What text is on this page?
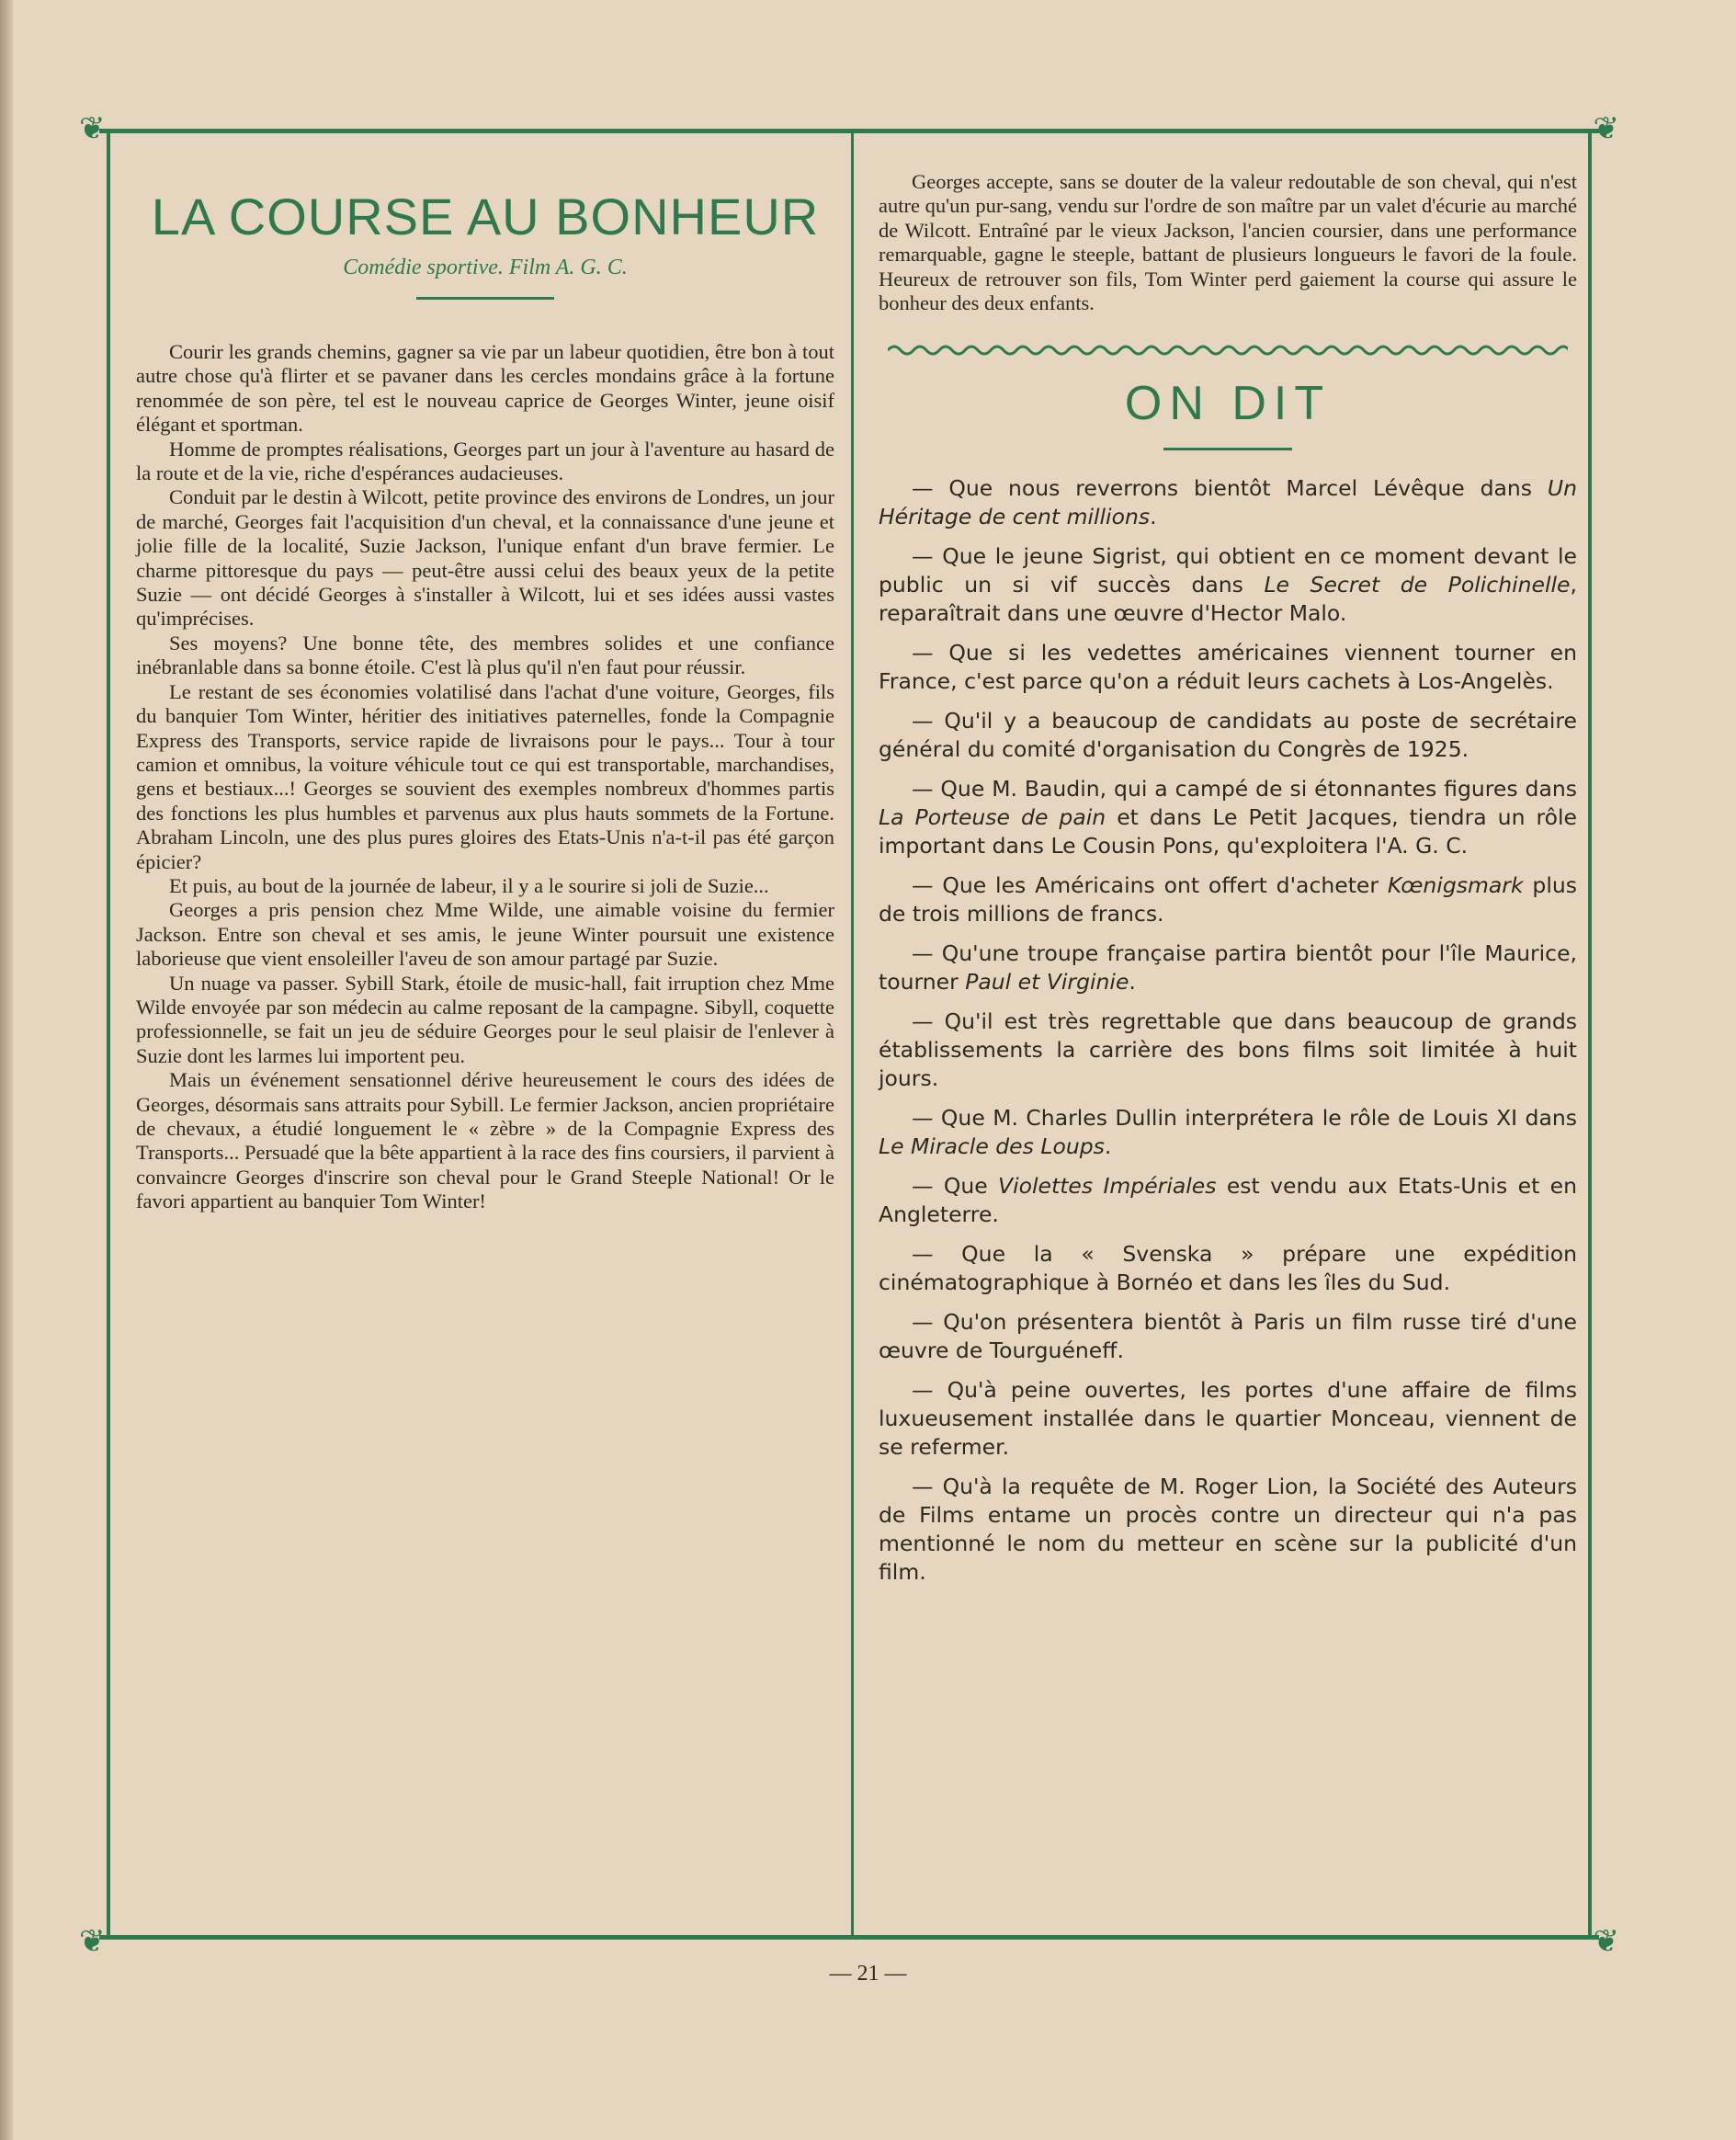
❦	❦
❦	❦
LA COURSE AU BONHEUR
Comédie sportive. Film A. G. C.

Courir les grands chemins, gagner sa vie par un labeur quotidien, être bon à tout autre chose qu'à flirter et se pavaner dans les cercles mondains grâce à la fortune renommée de son père, tel est le nouveau caprice de Georges Winter, jeune oisif élégant et sportman.

Homme de promptes réalisations, Georges part un jour à l'aventure au hasard de la route et de la vie, riche d'espérances audacieuses.

Conduit par le destin à Wilcott, petite province des environs de Londres, un jour de marché, Georges fait l'acquisition d'un cheval, et la connaissance d'une jeune et jolie fille de la localité, Suzie Jackson, l'unique enfant d'un brave fermier. Le charme pittoresque du pays — peut-être aussi celui des beaux yeux de la petite Suzie — ont décidé Georges à s'installer à Wilcott, lui et ses idées aussi vastes qu'imprécises.

Ses moyens? Une bonne tête, des membres solides et une confiance inébranlable dans sa bonne étoile. C'est là plus qu'il n'en faut pour réussir.

Le restant de ses économies volatilisé dans l'achat d'une voiture, Georges, fils du banquier Tom Winter, héritier des initiatives paternelles, fonde la Compagnie Express des Transports, service rapide de livraisons pour le pays... Tour à tour camion et omnibus, la voiture véhicule tout ce qui est transportable, marchandises, gens et bestiaux...! Georges se souvient des exemples nombreux d'hommes partis des fonctions les plus humbles et parvenus aux plus hauts sommets de la Fortune. Abraham Lincoln, une des plus pures gloires des Etats-Unis n'a-t-il pas été garçon épicier?

Et puis, au bout de la journée de labeur, il y a le sourire si joli de Suzie...

Georges a pris pension chez Mme Wilde, une aimable voisine du fermier Jackson. Entre son cheval et ses amis, le jeune Winter poursuit une existence laborieuse que vient ensoleiller l'aveu de son amour partagé par Suzie.

Un nuage va passer. Sybill Stark, étoile de music-hall, fait irruption chez Mme Wilde envoyée par son médecin au calme reposant de la campagne. Sibyll, coquette professionnelle, se fait un jeu de séduire Georges pour le seul plaisir de l'enlever à Suzie dont les larmes lui importent peu.

Mais un événement sensationnel dérive heureusement le cours des idées de Georges, désormais sans attraits pour Sybill. Le fermier Jackson, ancien propriétaire de chevaux, a étudié longuement le « zèbre » de la Compagnie Express des Transports... Persuadé que la bête appartient à la race des fins coursiers, il parvient à convaincre Georges d'inscrire son cheval pour le Grand Steeple National! Or le favori appartient au banquier Tom Winter!

Georges accepte, sans se douter de la valeur redoutable de son cheval, qui n'est autre qu'un pur-sang, vendu sur l'ordre de son maître par un valet d'écurie au marché de Wilcott. Entraîné par le vieux Jackson, l'ancien coursier, dans une performance remarquable, gagne le steeple, battant de plusieurs longueurs le favori de la foule. Heureux de retrouver son fils, Tom Winter perd gaiement la course qui assure le bonheur des deux enfants.

ON DIT

— Que nous reverrons bientôt Marcel Lévêque dans Un Héritage de cent millions.

— Que le jeune Sigrist, qui obtient en ce moment devant le public un si vif succès dans Le Secret de Polichinelle, reparaîtrait dans une œuvre d'Hector Malo.

— Que si les vedettes américaines viennent tourner en France, c'est parce qu'on a réduit leurs cachets à Los-Angelès.

— Qu'il y a beaucoup de candidats au poste de secrétaire général du comité d'organisation du Congrès de 1925.

— Que M. Baudin, qui a campé de si étonnantes figures dans La Porteuse de pain et dans Le Petit Jacques, tiendra un rôle important dans Le Cousin Pons, qu'exploitera l'A. G. C.

— Que les Américains ont offert d'acheter Kœnigsmark plus de trois millions de francs.

— Qu'une troupe française partira bientôt pour l'île Maurice, tourner Paul et Virginie.

— Qu'il est très regrettable que dans beaucoup de grands établissements la carrière des bons films soit limitée à huit jours.

— Que M. Charles Dullin interprétera le rôle de Louis XI dans Le Miracle des Loups.

— Que Violettes Impériales est vendu aux Etats-Unis et en Angleterre.

— Que la « Svenska » prépare une expédition cinématographique à Bornéo et dans les îles du Sud.

— Qu'on présentera bientôt à Paris un film russe tiré d'une œuvre de Tourguéneff.

— Qu'à peine ouvertes, les portes d'une affaire de films luxueusement installée dans le quartier Monceau, viennent de se refermer.

— Qu'à la requête de M. Roger Lion, la Société des Auteurs de Films entame un procès contre un directeur qui n'a pas mentionné le nom du metteur en scène sur la publicité d'un film.

— 21 —
